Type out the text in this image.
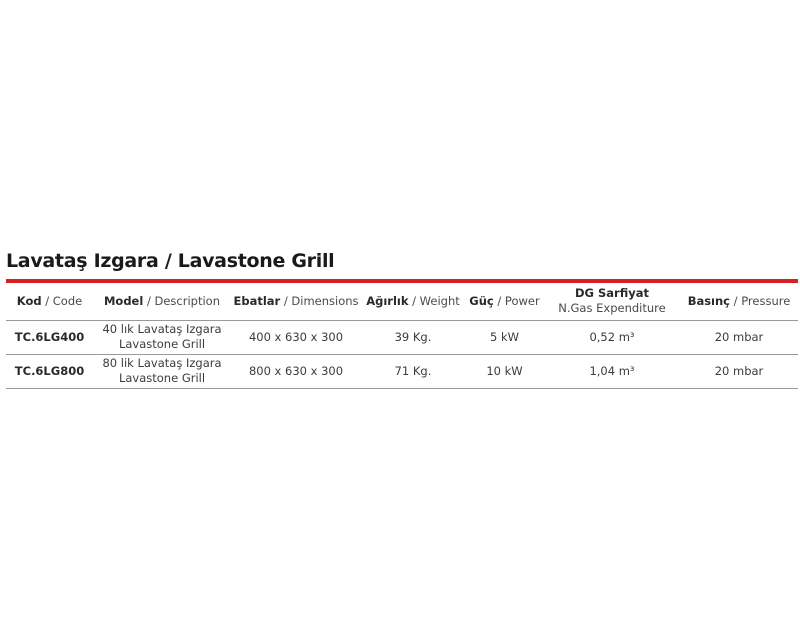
Lavataş Izgara / Lavastone Grill
Kod / Code	Model / Description	Ebatlar / Dimensions	Ağırlık / Weight	Güç / Power	DG Sarfiyat
N.Gas Expenditure	Basınç / Pressure
TC.6LG400	40 lık Lavataş Izgara
Lavastone Grill	400 x 630 x 300	39 Kg.	5 kW	0,52 m³	20 mbar
TC.6LG800	80 lik Lavataş Izgara
Lavastone Grill	800 x 630 x 300	71 Kg.	10 kW	1,04 m³	20 mbar
